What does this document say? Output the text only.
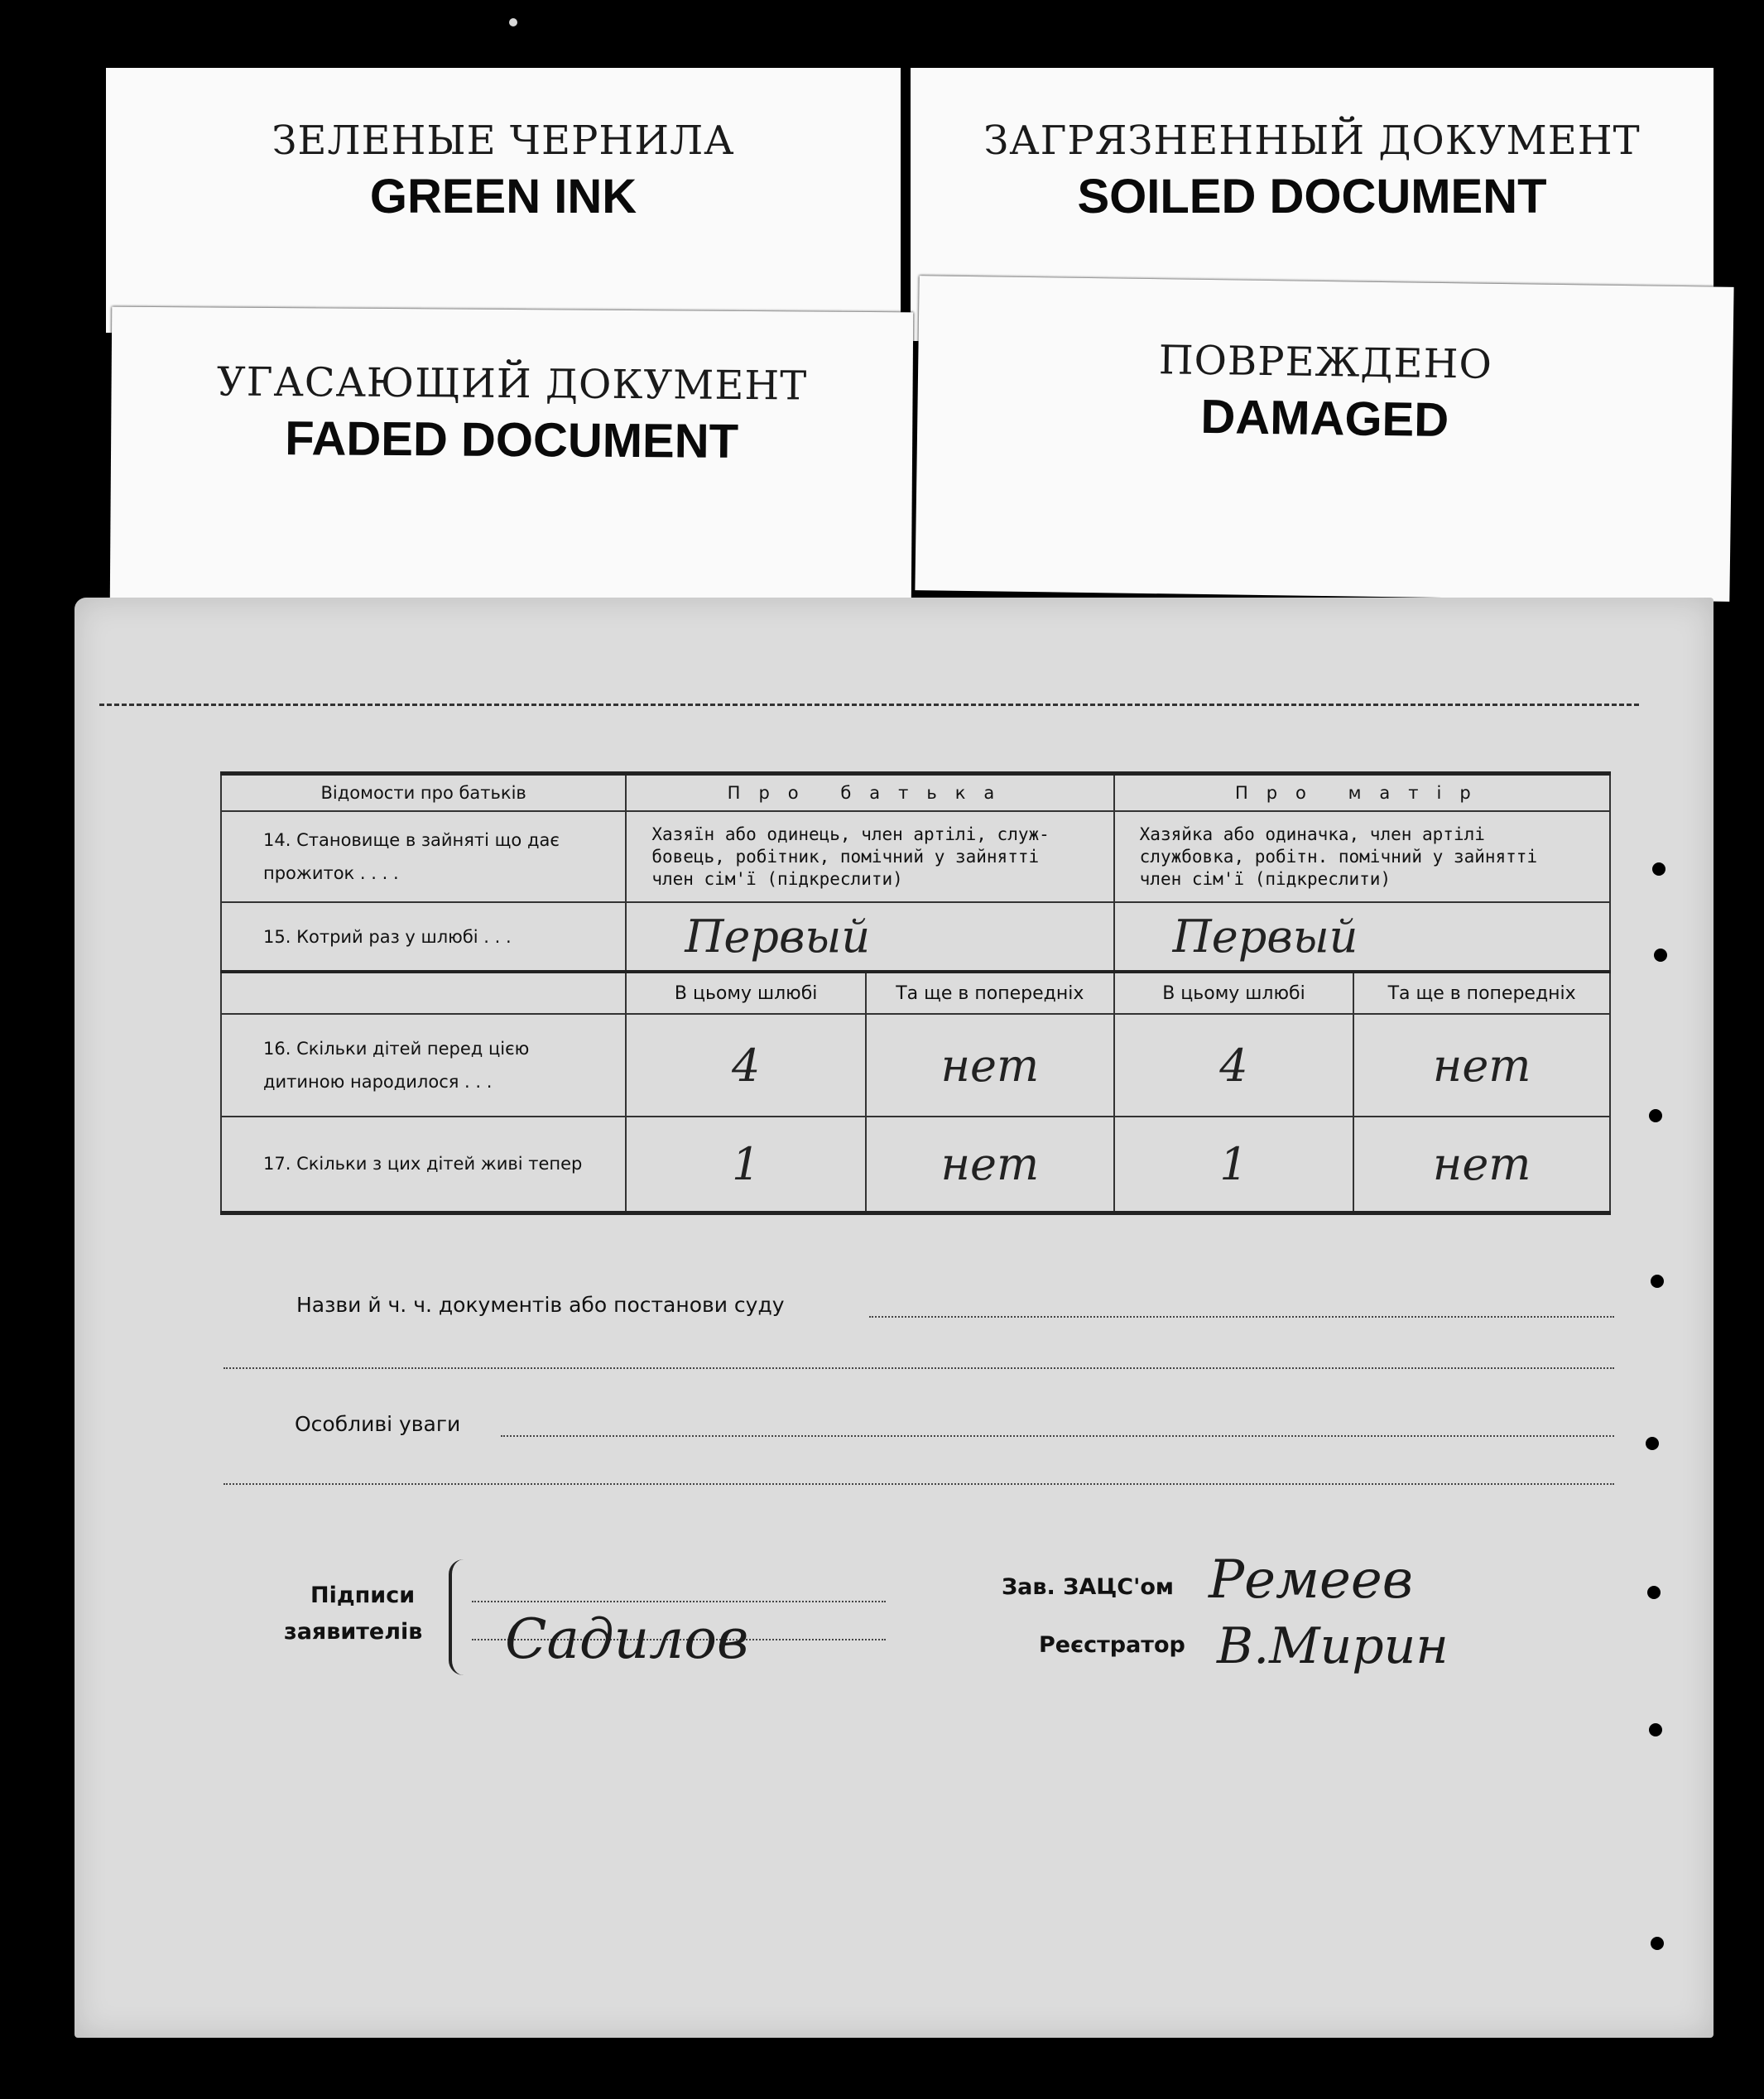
ЗЕЛЕНЫЕ ЧЕРНИЛА
GREEN INK
ЗАГРЯЗНЕННЫЙ ДОКУМЕНТ
SOILED DOCUMENT
УГАСАЮЩИЙ ДОКУМЕНТ
FADED DOCUMENT
ПОВРЕЖДЕНО
DAMAGED
Відомости про батьків	Про батька		Про матір	
14. Становище в зайняті що дає прожиток . . . .	Хазяїн або одинець, член артілі, служ- бовець, робітник, помічний у зайнятті член сім'ї (підкреслити)		Хазяйка або одиначка, член артілі службовка, робітн. помічний у зайнятті член сім'ї (підкреслити)	
15. Котрий раз у шлюбі . . .	Первый		Первый	
	В цьому шлюбі	Та ще в попередніх	В цьому шлюбі	Та ще в попередніх
16. Скільки дітей перед цією дитиною народилося . . .	4	нет	4	нет
17. Скільки з цих дітей живі тепер	1	нет	1	нет
Назви й ч. ч. документів або постанови суду
Особливі уваги
Підписи
заявителів Садилов
Зав. ЗАЦС'ом Ремеев
Реєстратор В.Мирин
